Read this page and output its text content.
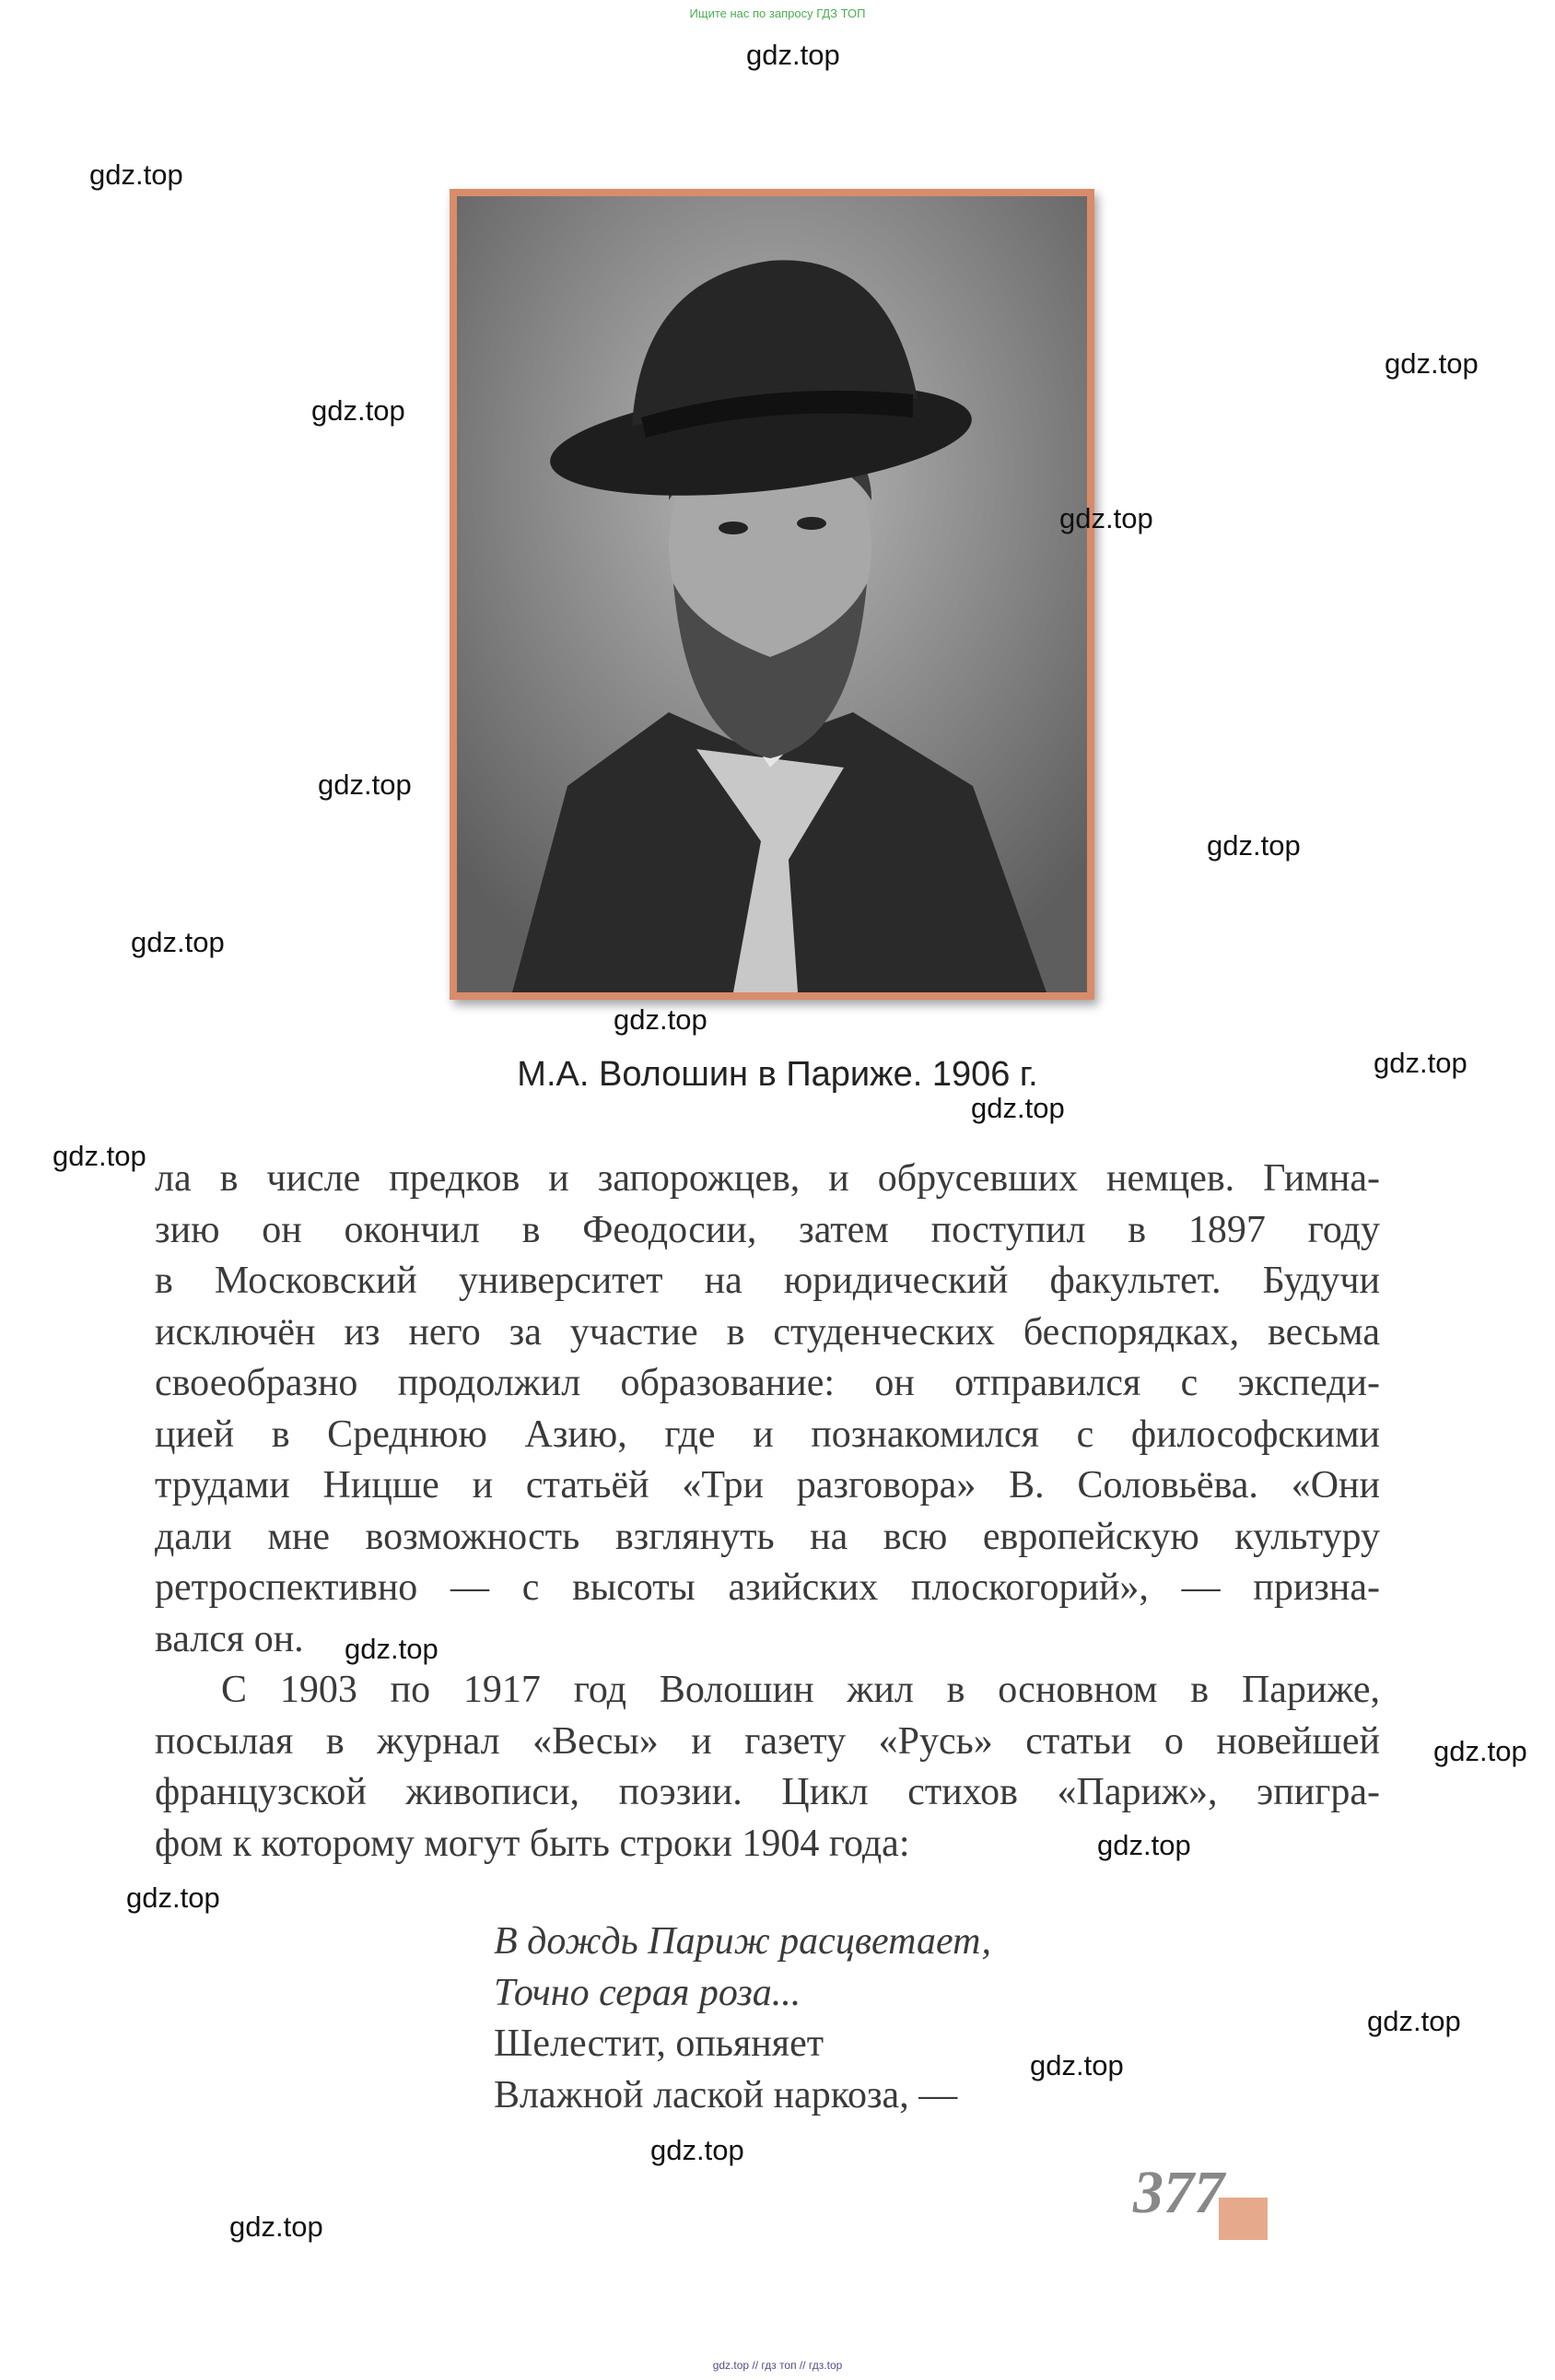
Ищите нас по запросу ГДЗ ТОП
М.А. Волошин в Париже. 1906 г.
ла в числе предков и запорожцев, и обрусевших немцев. Гимна-
зию он окончил в Феодосии, затем поступил в 1897 году
в Московский университет на юридический факультет. Будучи
исключён из него за участие в студенческих беспорядках, весьма
своеобразно продолжил образование: он отправился с экспеди-
цией в Среднюю Азию, где и познакомился с философскими
трудами Ницше и статьёй «Три разговора» В. Соловьёва. «Они
дали мне возможность взглянуть на всю европейскую культуру
ретроспективно — с высоты азийских плоскогорий», — призна-
вался он.
С 1903 по 1917 год Волошин жил в основном в Париже,
посылая в журнал «Весы» и газету «Русь» статьи о новейшей
французской живописи, поэзии. Цикл стихов «Париж», эпигра-
фом к которому могут быть строки 1904 года:
В дождь Париж расцветает,
Точно серая роза...
Шелестит, опьяняет
Влажной лаской наркоза, —
377
gdz.top
gdz.top
gdz.top
gdz.top
gdz.top
gdz.top
gdz.top
gdz.top
gdz.top
gdz.top
gdz.top
gdz.top
gdz.top
gdz.top
gdz.top
gdz.top
gdz.top
gdz.top
gdz.top
gdz.top
gdz.top // гдз топ // гдз.top
